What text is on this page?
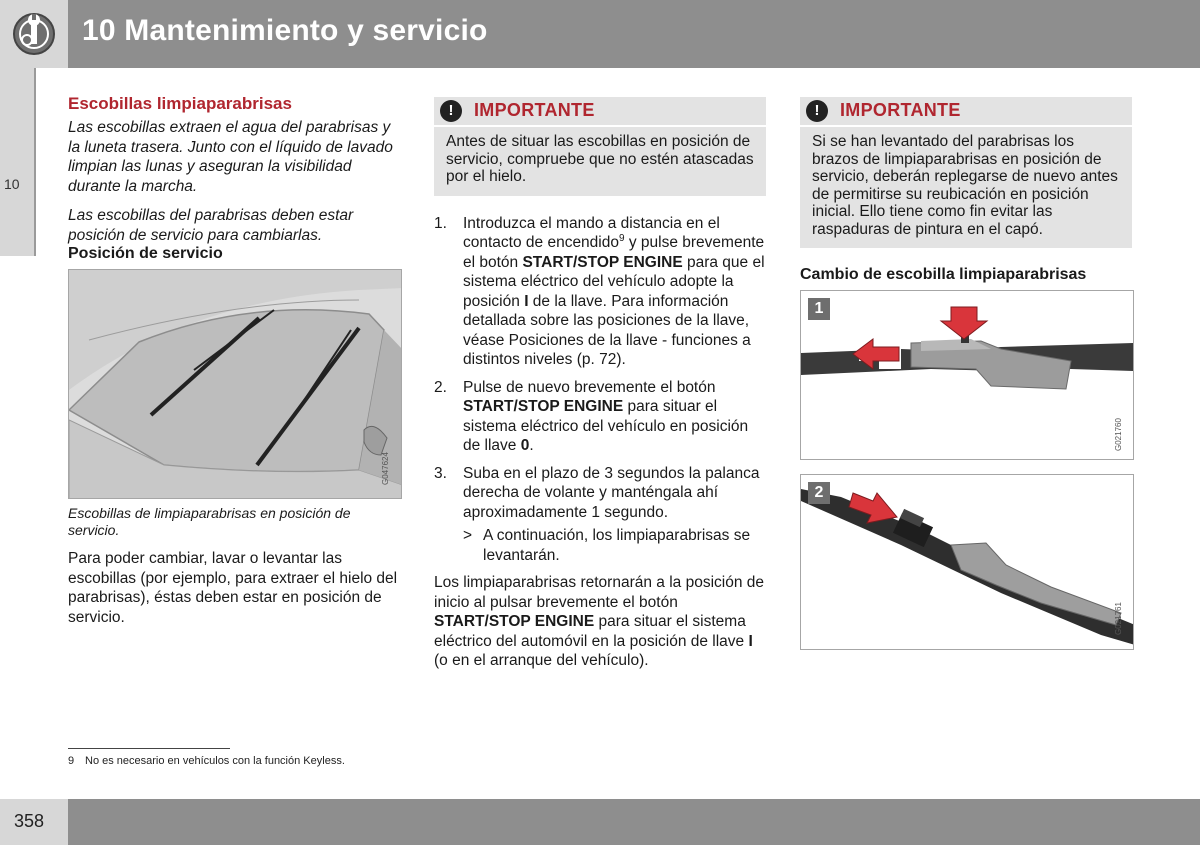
10 Mantenimiento y servicio
10
Escobillas limpiaparabrisas

Las escobillas extraen el agua del parabrisas y la luneta trasera. Junto con el líquido de lavado limpian las lunas y aseguran la visibilidad durante la marcha.

Las escobillas del parabrisas deben estar posición de servicio para cambiarlas.

Posición de servicio
G047624

Escobillas de limpiaparabrisas en posición de servicio.

Para poder cambiar, lavar o levantar las escobillas (por ejemplo, para extraer el hielo del parabrisas), éstas deben estar en posición de servicio.

!	IMPORTANTE
Antes de situar las escobillas en posición de servicio, compruebe que no estén atascadas por el hielo.
1. Introduzca el mando a distancia en el contacto de encendido$^9$ y pulse brevemente el botón START/STOP ENGINE para que el sistema eléctrico del vehículo adopte la posición I de la llave. Para información detallada sobre las posiciones de la llave, véase Posiciones de la llave - funciones a distintos niveles (p. 72).
2. Pulse de nuevo brevemente el botón START/STOP ENGINE para situar el sistema eléctrico del vehículo en posición de llave 0.
3. Suba en el plazo de 3 segundos la palanca derecha de volante y manténgala ahí aproximadamente 1 segundo.
> A continuación, los limpiaparabrisas se levantarán.

Los limpiaparabrisas retornarán a la posición de inicio al pulsar brevemente el botón START/STOP ENGINE para situar el sistema eléctrico del automóvil en la posición de llave I (o en el arranque del vehículo).

!	IMPORTANTE
Si se han levantado del parabrisas los brazos de limpiaparabrisas en posición de servicio, deberán replegarse de nuevo antes de permitirse su reubicación en posición inicial. Ello tiene como fin evitar las raspaduras de pintura en el capó.
Cambio de escobilla limpiaparabrisas
1
G021760
2
G021761
9 No es necesario en vehículos con la función Keyless.
358
